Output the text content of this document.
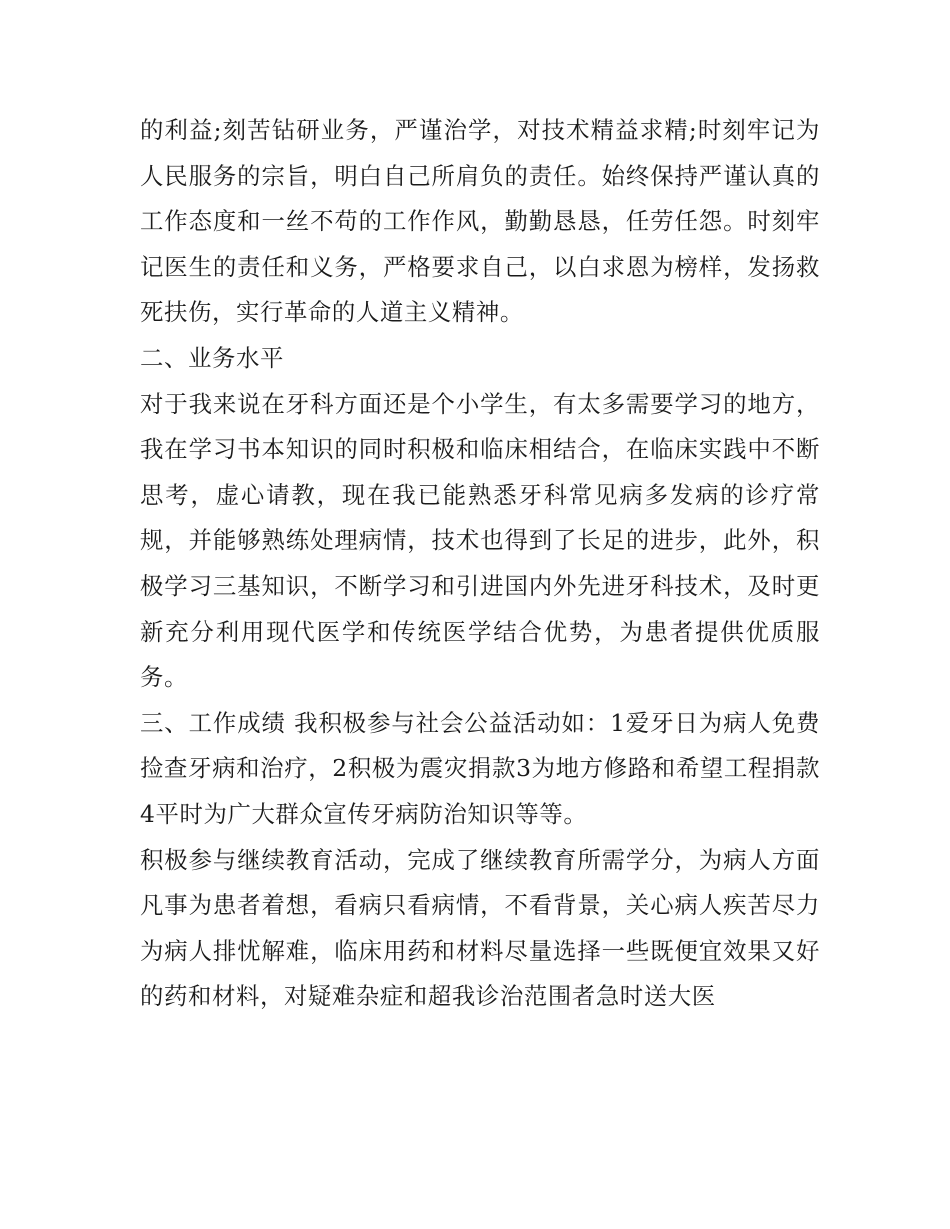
的利益;刻苦钻研业务，严谨治学，对技术精益求精;时刻牢记为人民服务的宗旨，明白自己所肩负的责任。始终保持严谨认真的工作态度和一丝不苟的工作作风，勤勤恳恳，任劳任怨。时刻牢记医生的责任和义务，严格要求自己，以白求恩为榜样，发扬救死扶伤，实行革命的人道主义精神。

二、业务水平

对于我来说在牙科方面还是个小学生，有太多需要学习的地方，我在学习书本知识的同时积极和临床相结合，在临床实践中不断思考，虚心请教，现在我已能熟悉牙科常见病多发病的诊疗常规，并能够熟练处理病情，技术也得到了长足的进步，此外，积极学习三基知识，不断学习和引进国内外先进牙科技术，及时更新充分利用现代医学和传统医学结合优势，为患者提供优质服务。

三、工作成绩 我积极参与社会公益活动如：1爱牙日为病人免费捡查牙病和治疗，2积极为震灾捐款3为地方修路和希望工程捐款4平时为广大群众宣传牙病防治知识等等。

积极参与继续教育活动，完成了继续教育所需学分，为病人方面凡事为患者着想，看病只看病情，不看背景，关心病人疾苦尽力为病人排忧解难，临床用药和材料尽量选择一些既便宜效果又好的药和材料，对疑难杂症和超我诊治范围者急时送大医
